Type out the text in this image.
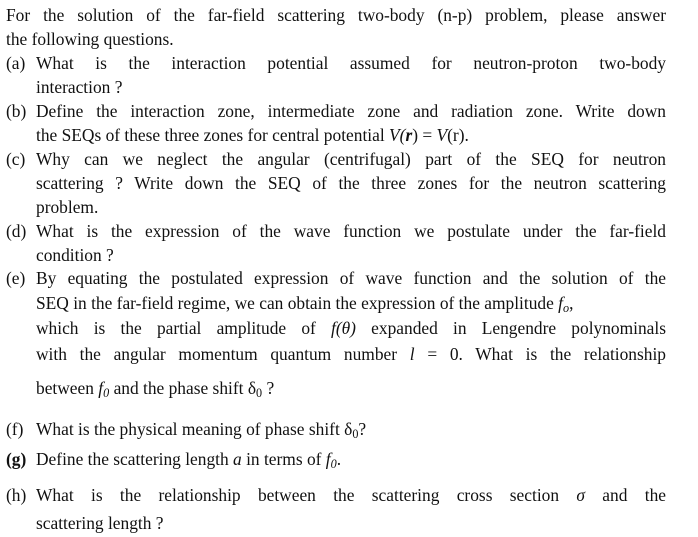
For the solution of the far-field scattering two-body (n-p) problem, please answer
the following questions.
(a) What is the interaction potential assumed for neutron-proton two-body
interaction ?
(b) Define the interaction zone, intermediate zone and radiation zone. Write down
the SEQs of these three zones for central potential V(r) = V(r).
(c) Why can we neglect the angular (centrifugal) part of the SEQ for neutron
scattering ? Write down the SEQ of the three zones for the neutron scattering
problem.
(d) What is the expression of the wave function we postulate under the far-field
condition ?
(e) By equating the postulated expression of wave function and the solution of the
SEQ in the far-field regime, we can obtain the expression of the amplitude $f_o$,
which is the partial amplitude of f(θ) expanded in Lengendre polynominals
with the angular momentum quantum number l = 0. What is the relationship
between $f_0$ and the phase shift $\delta_0$ ?
(f) What is the physical meaning of phase shift $\delta_0$?
(g) Define the scattering length a in terms of $f_0$.
(h) What is the relationship between the scattering cross section σ and the
scattering length ?
